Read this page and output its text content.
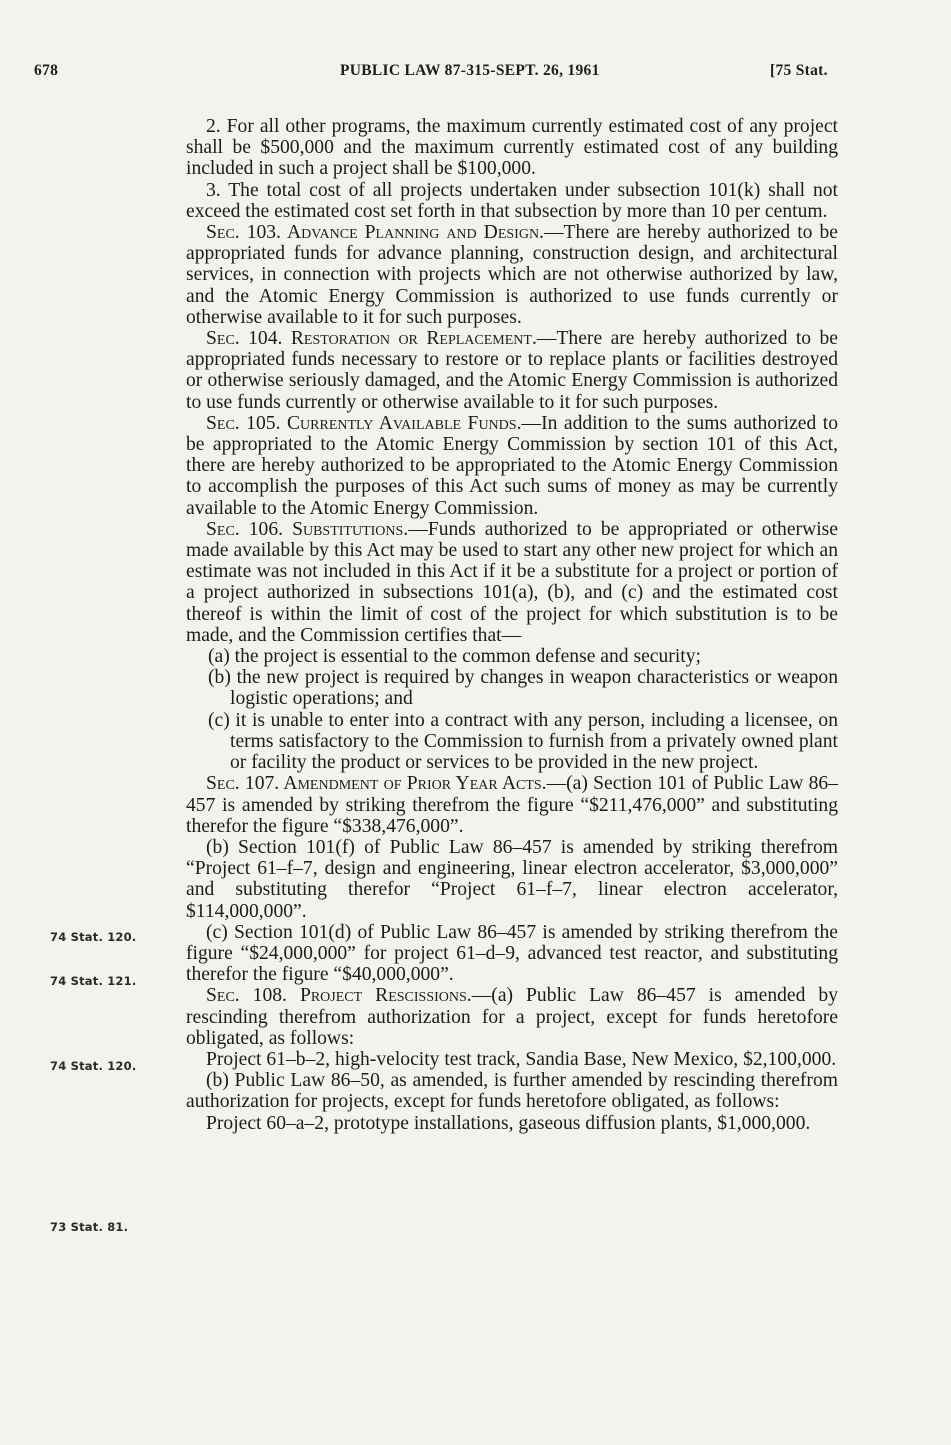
678	PUBLIC LAW 87-315-SEPT. 26, 1961	[75 Stat.

2. For all other programs, the maximum currently estimated cost of any project shall be $500,000 and the maximum currently estimated cost of any building included in such a project shall be $100,000.

3. The total cost of all projects undertaken under subsection 101(k) shall not exceed the estimated cost set forth in that subsection by more than 10 per centum.

Sec. 103. Advance Planning and Design.—There are hereby authorized to be appropriated funds for advance planning, construction design, and architectural services, in connection with projects which are not otherwise authorized by law, and the Atomic Energy Commission is authorized to use funds currently or otherwise available to it for such purposes.

Sec. 104. Restoration or Replacement.—There are hereby authorized to be appropriated funds necessary to restore or to replace plants or facilities destroyed or otherwise seriously damaged, and the Atomic Energy Commission is authorized to use funds currently or otherwise available to it for such purposes.

Sec. 105. Currently Available Funds.—In addition to the sums authorized to be appropriated to the Atomic Energy Commission by section 101 of this Act, there are hereby authorized to be appropriated to the Atomic Energy Commission to accomplish the purposes of this Act such sums of money as may be currently available to the Atomic Energy Commission.

Sec. 106. Substitutions.—Funds authorized to be appropriated or otherwise made available by this Act may be used to start any other new project for which an estimate was not included in this Act if it be a substitute for a project or portion of a project authorized in subsections 101(a), (b), and (c) and the estimated cost thereof is within the limit of cost of the project for which substitution is to be made, and the Commission certifies that—

(a) the project is essential to the common defense and security;

(b) the new project is required by changes in weapon characteristics or weapon logistic operations; and

(c) it is unable to enter into a contract with any person, including a licensee, on terms satisfactory to the Commission to furnish from a privately owned plant or facility the product or services to be provided in the new project.

Sec. 107. Amendment of Prior Year Acts.—(a) Section 101 of Public Law 86–457 is amended by striking therefrom the figure “$211,476,000” and substituting therefor the figure “$338,476,000”.

(b) Section 101(f) of Public Law 86–457 is amended by striking therefrom “Project 61–f–7, design and engineering, linear electron accelerator, $3,000,000” and substituting therefor “Project 61–f–7, linear electron accelerator, $114,000,000”.

(c) Section 101(d) of Public Law 86–457 is amended by striking therefrom the figure “$24,000,000” for project 61–d–9, advanced test reactor, and substituting therefor the figure “$40,000,000”.

Sec. 108. Project Rescissions.—(a) Public Law 86–457 is amended by rescinding therefrom authorization for a project, except for funds heretofore obligated, as follows:

Project 61–b–2, high-velocity test track, Sandia Base, New Mexico, $2,100,000.

(b) Public Law 86–50, as amended, is further amended by rescinding therefrom authorization for projects, except for funds heretofore obligated, as follows:

Project 60–a–2, prototype installations, gaseous diffusion plants, $1,000,000.

74 Stat. 120.
74 Stat. 121.
74 Stat. 120.
73 Stat. 81.
